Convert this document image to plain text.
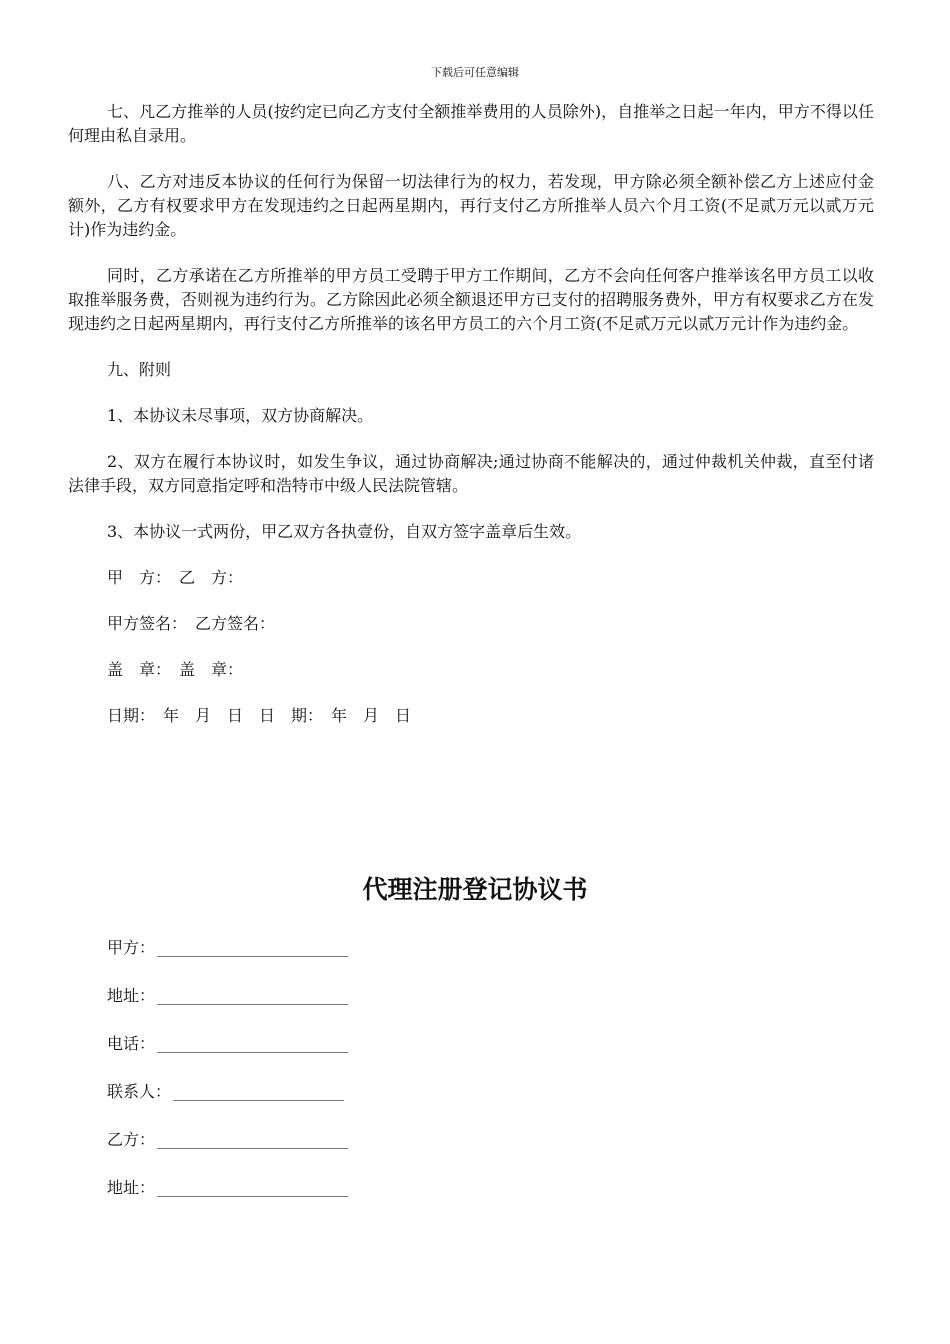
下载后可任意编辑

七、凡乙方推举的人员(按约定已向乙方支付全额推举费用的人员除外)，自推举之日起一年内，甲方不得以任何理由私自录用。

八、乙方对违反本协议的任何行为保留一切法律行为的权力，若发现，甲方除必须全额补偿乙方上述应付金额外，乙方有权要求甲方在发现违约之日起两星期内，再行支付乙方所推举人员六个月工资(不足贰万元以贰万元计)作为违约金。

同时，乙方承诺在乙方所推举的甲方员工受聘于甲方工作期间，乙方不会向任何客户推举该名甲方员工以收取推举服务费，否则视为违约行为。乙方除因此必须全额退还甲方已支付的招聘服务费外，甲方有权要求乙方在发现违约之日起两星期内，再行支付乙方所推举的该名甲方员工的六个月工资(不足贰万元以贰万元计作为违约金。

九、附则

1、本协议未尽事项，双方协商解决。

2、双方在履行本协议时，如发生争议，通过协商解决;通过协商不能解决的，通过仲裁机关仲裁，直至付诸法律手段，双方同意指定呼和浩特市中级人民法院管辖。

3、本协议一式两份，甲乙双方各执壹份，自双方签字盖章后生效。

甲　方：　乙　方：

甲方签名：　乙方签名：

盖　章：　盖　章：

日期：　年　月　日　日　期：　年　月　日

代理注册登记协议书
甲方：
地址：
电话：
联系人：
乙方：
地址：
